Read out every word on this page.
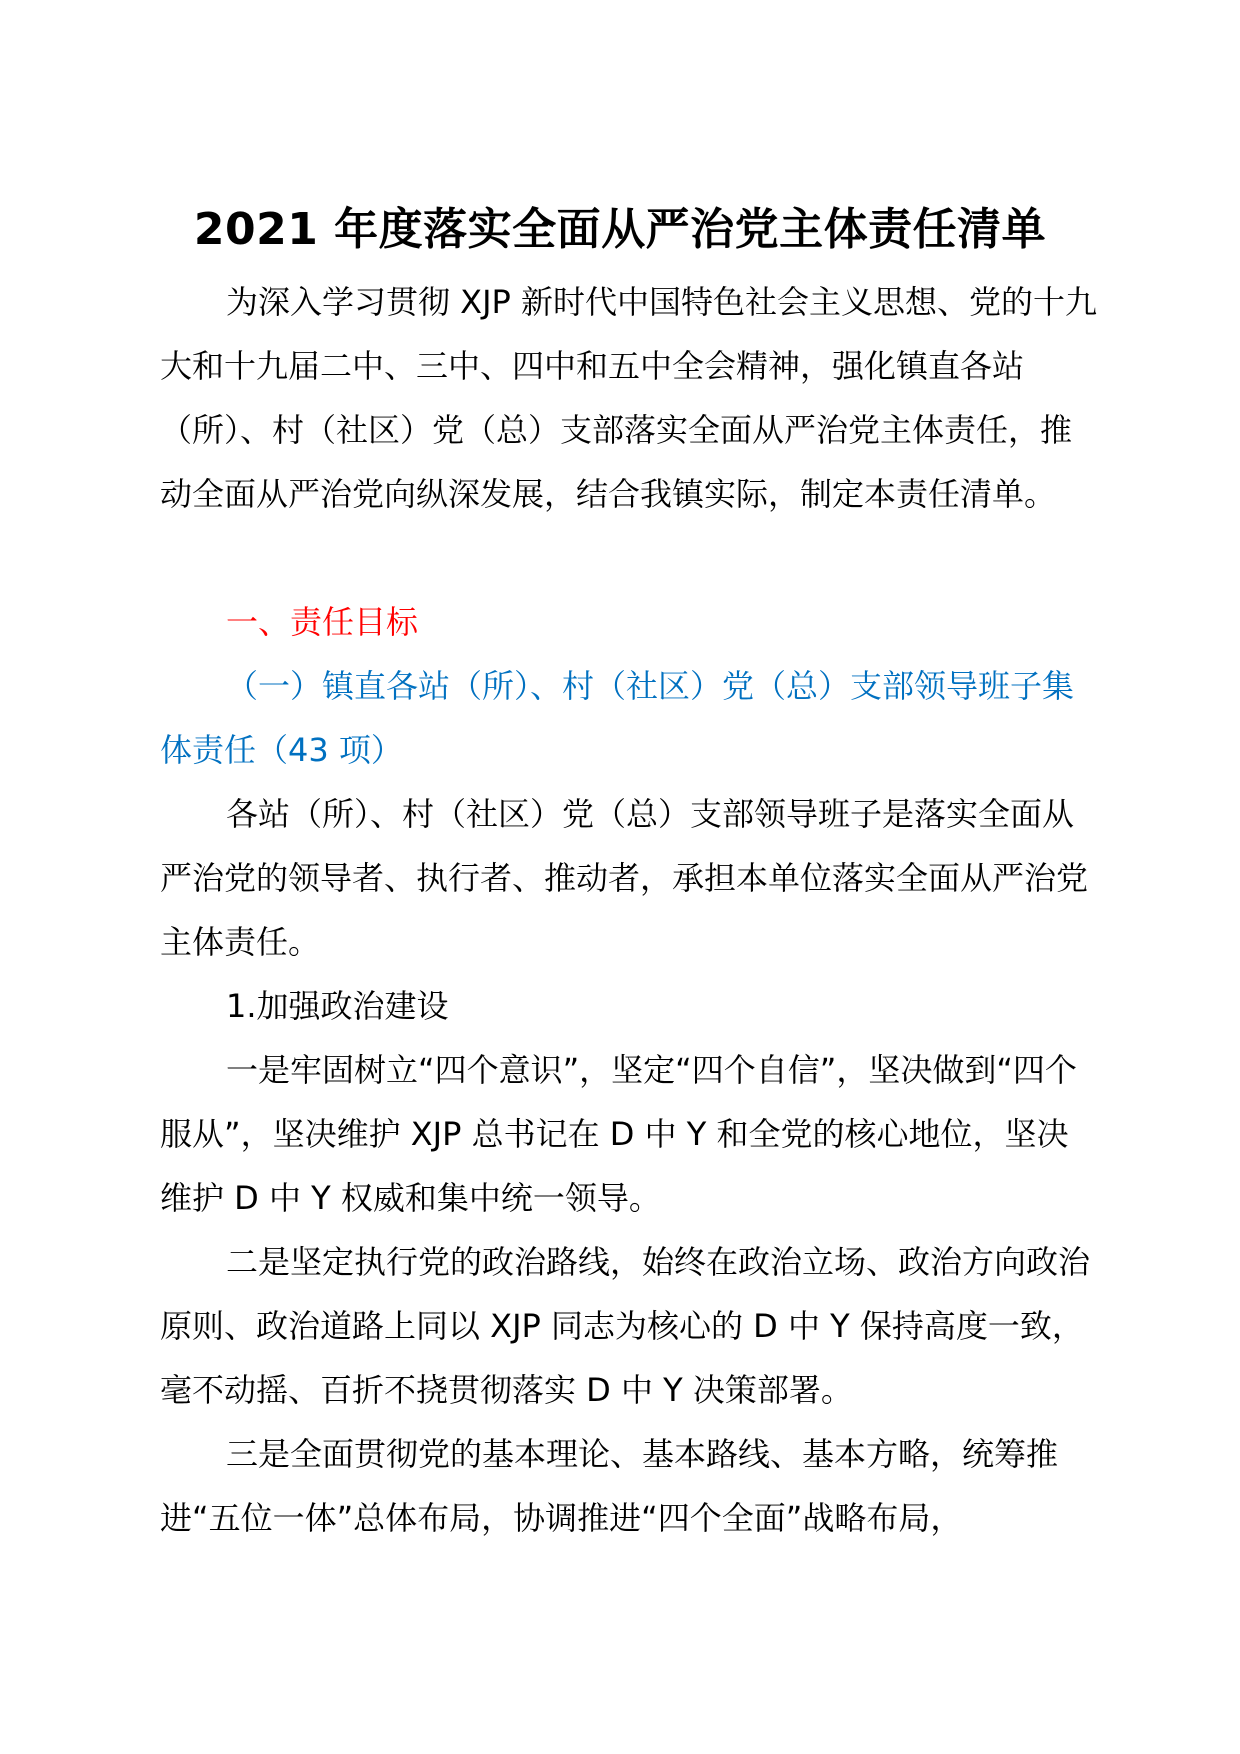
2021 年度落实全面从严治党主体责任清单

为深入学习贯彻 XJP 新时代中国特色社会主义思想、党的十九大和十九届二中、三中、四中和五中全会精神，强化镇直各站（所）、村（社区）党（总）支部落实全面从严治党主体责任，推动全面从严治党向纵深发展，结合我镇实际，制定本责任清单。

一、责任目标

（一）镇直各站（所）、村（社区）党（总）支部领导班子集体责任（43 项）

各站（所）、村（社区）党（总）支部领导班子是落实全面从严治党的领导者、执行者、推动者，承担本单位落实全面从严治党主体责任。

1.加强政治建设

一是牢固树立“四个意识”，坚定“四个自信”，坚决做到“四个服从”，坚决维护 XJP 总书记在 D 中 Y 和全党的核心地位，坚决维护 D 中 Y 权威和集中统一领导。

二是坚定执行党的政治路线，始终在政治立场、政治方向政治原则、政治道路上同以 XJP 同志为核心的 D 中 Y 保持高度一致，毫不动摇、百折不挠贯彻落实 D 中 Y 决策部署。

三是全面贯彻党的基本理论、基本路线、基本方略，统筹推进“五位一体”总体布局，协调推进“四个全面”战略布局，
